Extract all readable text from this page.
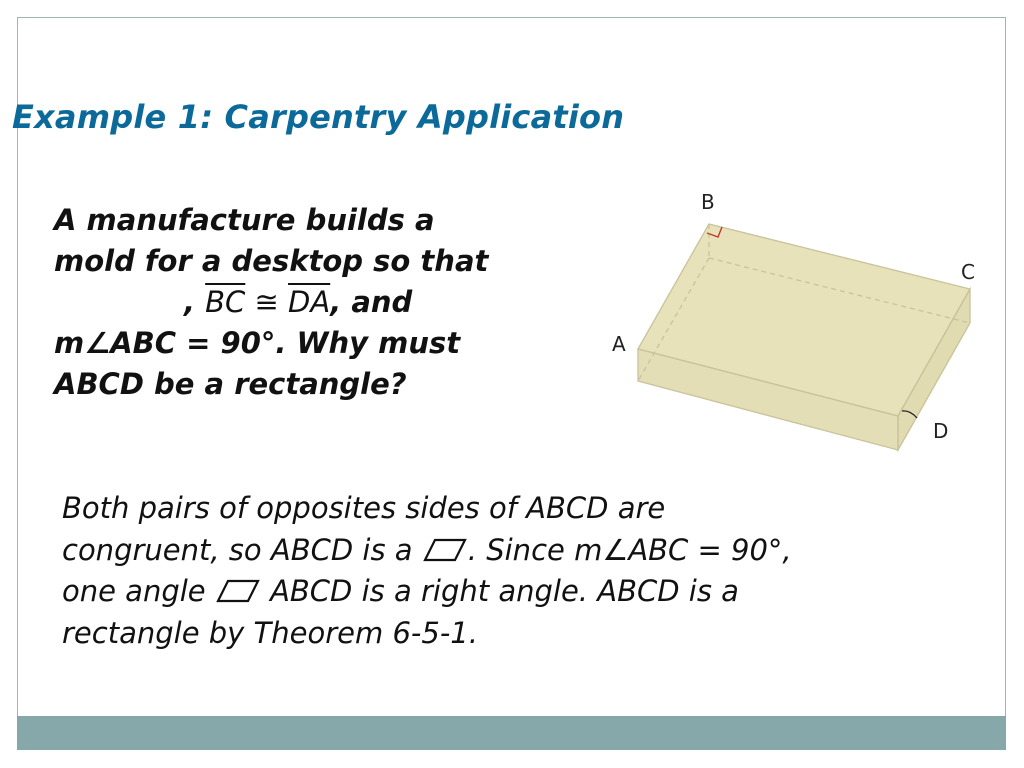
Example 1: Carpentry Application
A manufacture builds a
mold for a desktop so that
, $\overline{BC}$ ≅ $\overline{DA}$, and
m∠ABC = 90°. Why must
ABCD be a rectangle?
B
C
A
D
Both pairs of opposites sides of ABCD are
congruent, so ABCD is a . Since m∠ABC = 90°,
one angle  ABCD is a right angle. ABCD is a
rectangle by Theorem 6-5-1.
